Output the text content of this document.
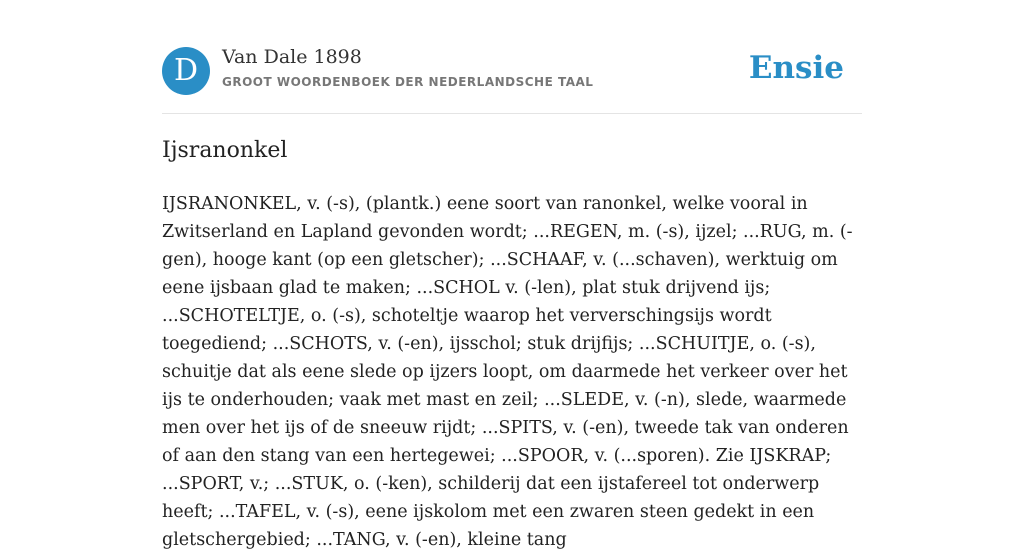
D	Van Dale 1898
GROOT WOORDENBOEK DER NEDERLANDSCHE TAAL	Ensie
Ijsranonkel

IJSRANONKEL, v. (-s), (plantk.) eene soort van ranonkel, welke vooral in Zwitserland en Lapland gevonden wordt; ...REGEN, m. (-s), ijzel; ...RUG, m. (-gen), hooge kant (op een gletscher); ...SCHAAF, v. (...schaven), werktuig om eene ijsbaan glad te maken; ...SCHOL v. (-len), plat stuk drijvend ijs; ...SCHOTELTJE, o. (-s), schoteltje waarop het ververschingsijs wordt toegediend; ...SCHOTS, v. (-en), ijsschol; stuk drijfijs; ...SCHUITJE, o. (-s), schuitje dat als eene slede op ijzers loopt, om daarmede het verkeer over het ijs te onderhouden; vaak met mast en zeil; ...SLEDE, v. (-n), slede, waarmede men over het ijs of de sneeuw rijdt; ...SPITS, v. (-en), tweede tak van onderen of aan den stang van een hertegewei; ...SPOOR, v. (...sporen). Zie IJSKRAP; ...SPORT, v.; ...STUK, o. (-ken), schilderij dat een ijstafereel tot onderwerp heeft; ...TAFEL, v. (-s), eene ijskolom met een zwaren steen gedekt in een gletschergebied; ...TANG, v. (-en), kleine tang
